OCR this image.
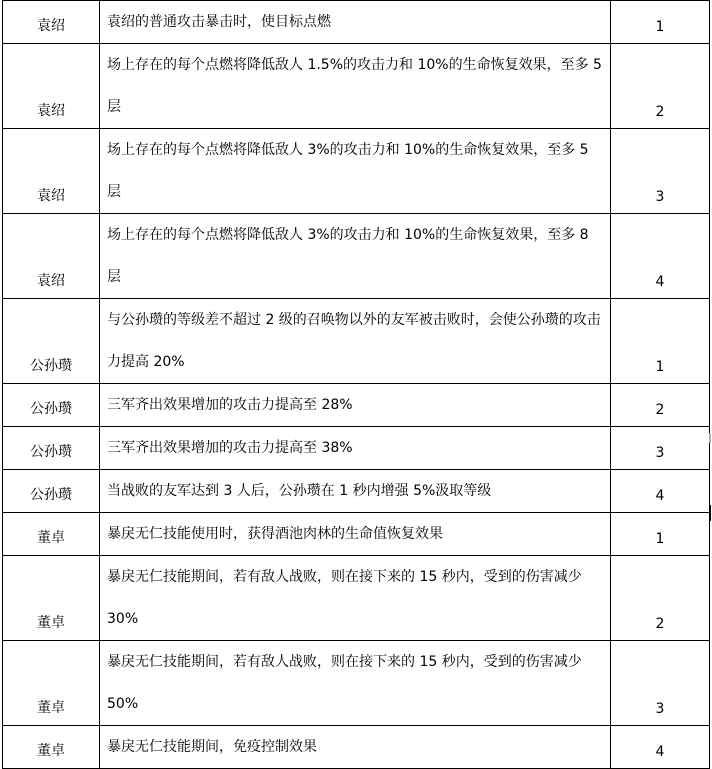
袁绍	袁绍的普通攻击暴击时，使目标点燃	1
袁绍	场上存在的每个点燃将降低敌人 1.5%的攻击力和 10%的生命恢复效果，至多 5 层	2
袁绍	场上存在的每个点燃将降低敌人 3%的攻击力和 10%的生命恢复效果，至多 5 层	3
袁绍	场上存在的每个点燃将降低敌人 3%的攻击力和 10%的生命恢复效果，至多 8 层	4
公孙瓒	与公孙瓒的等级差不超过 2 级的召唤物以外的友军被击败时，会使公孙瓒的攻击力提高 20%	1
公孙瓒	三军齐出效果增加的攻击力提高至 28%	2
公孙瓒	三军齐出效果增加的攻击力提高至 38%	3
公孙瓒	当战败的友军达到 3 人后，公孙瓒在 1 秒内增强 5%汲取等级	4
董卓	暴戾无仁技能使用时，获得酒池肉林的生命值恢复效果	1
董卓	暴戾无仁技能期间，若有敌人战败，则在接下来的 15 秒内，受到的伤害减少 30%	2
董卓	暴戾无仁技能期间，若有敌人战败，则在接下来的 15 秒内，受到的伤害减少 50%	3
董卓	暴戾无仁技能期间，免疫控制效果	4
